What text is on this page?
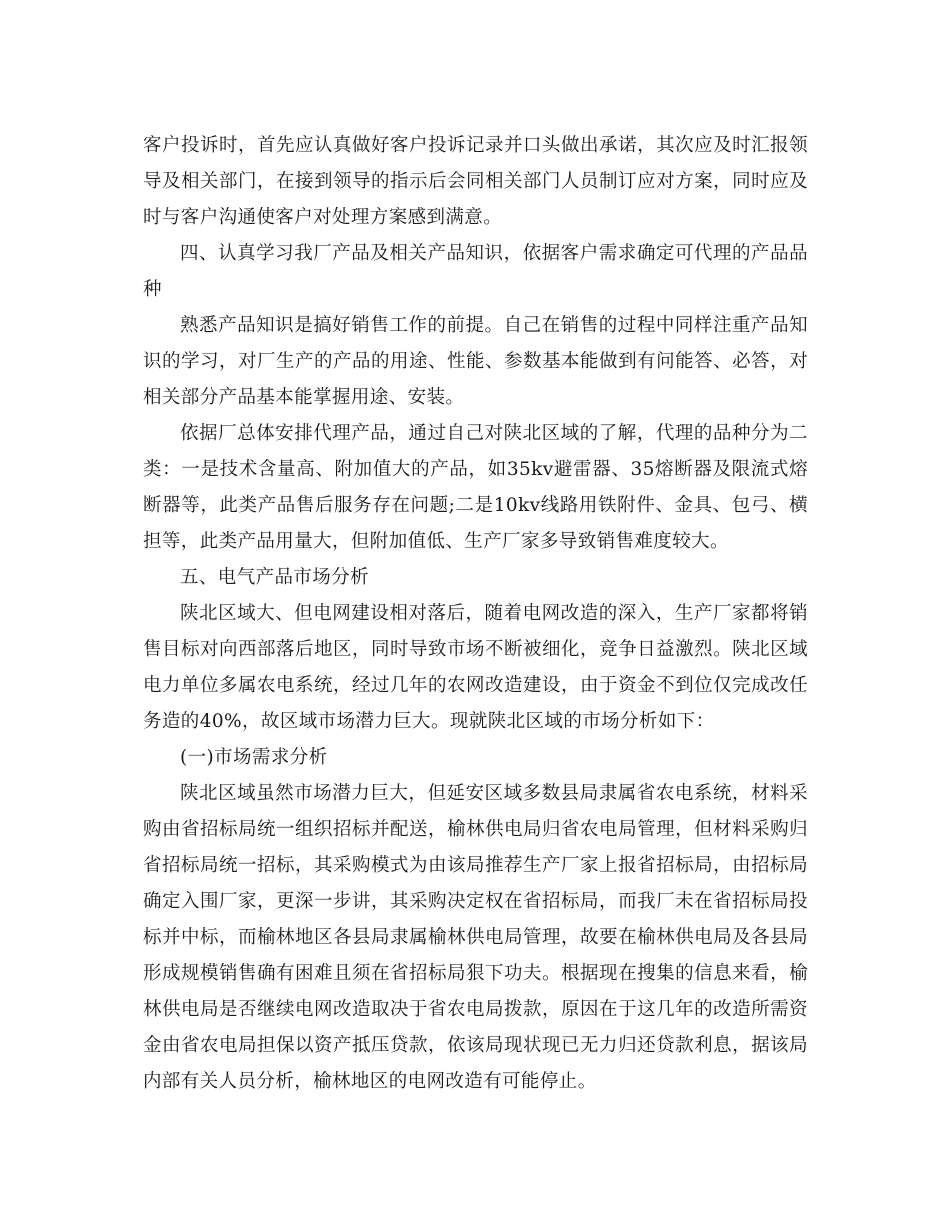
客户投诉时，首先应认真做好客户投诉记录并口头做出承诺，其次应及时汇报领导及相关部门，在接到领导的指示后会同相关部门人员制订应对方案，同时应及时与客户沟通使客户对处理方案感到满意。

四、认真学习我厂产品及相关产品知识，依据客户需求确定可代理的产品品种

熟悉产品知识是搞好销售工作的前提。自己在销售的过程中同样注重产品知识的学习，对厂生产的产品的用途、性能、参数基本能做到有问能答、必答，对相关部分产品基本能掌握用途、安装。

依据厂总体安排代理产品，通过自己对陕北区域的了解，代理的品种分为二类：一是技术含量高、附加值大的产品，如35kv避雷器、35熔断器及限流式熔断器等，此类产品售后服务存在问题;二是10kv线路用铁附件、金具、包弓、横担等，此类产品用量大，但附加值低、生产厂家多导致销售难度较大。

五、电气产品市场分析

陕北区域大、但电网建设相对落后，随着电网改造的深入，生产厂家都将销售目标对向西部落后地区，同时导致市场不断被细化，竞争日益激烈。陕北区域电力单位多属农电系统，经过几年的农网改造建设，由于资金不到位仅完成改任务造的40%，故区域市场潜力巨大。现就陕北区域的市场分析如下：

(一)市场需求分析

陕北区域虽然市场潜力巨大，但延安区域多数县局隶属省农电系统，材料采购由省招标局统一组织招标并配送，榆林供电局归省农电局管理，但材料采购归省招标局统一招标，其采购模式为由该局推荐生产厂家上报省招标局，由招标局确定入围厂家，更深一步讲，其采购决定权在省招标局，而我厂未在省招标局投标并中标，而榆林地区各县局隶属榆林供电局管理，故要在榆林供电局及各县局形成规模销售确有困难且须在省招标局狠下功夫。根据现在搜集的信息来看，榆林供电局是否继续电网改造取决于省农电局拨款，原因在于这几年的改造所需资金由省农电局担保以资产抵压贷款，依该局现状现已无力归还贷款利息，据该局内部有关人员分析，榆林地区的电网改造有可能停止。
